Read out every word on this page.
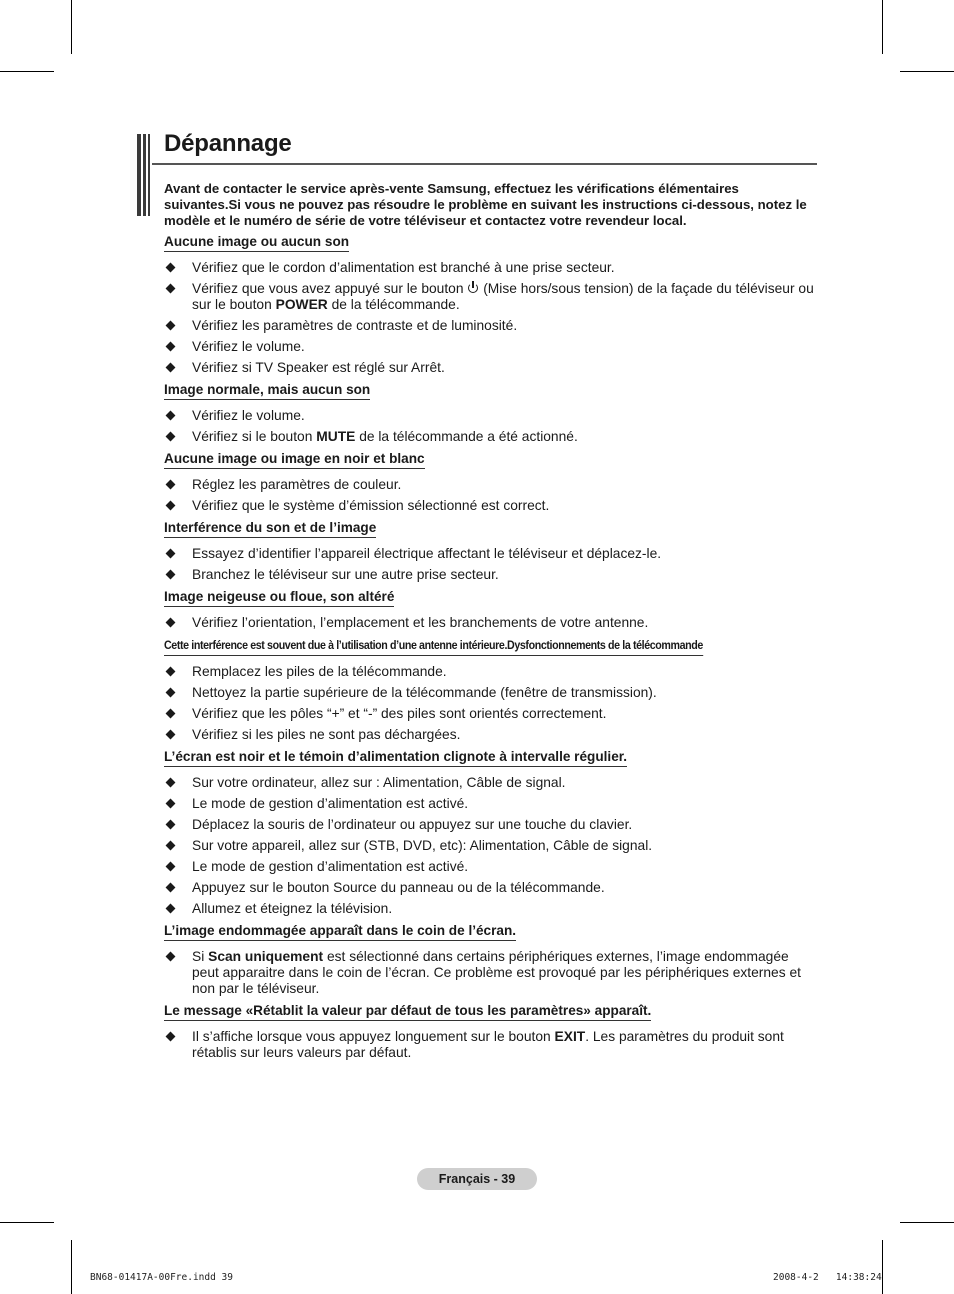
Dépannage

Avant de contacter le service après-vente Samsung, effectuez les vérifications élémentaires suivantes.Si vous ne pouvez pas résoudre le problème en suivant les instructions ci-dessous, notez le modèle et le numéro de série de votre téléviseur et contactez votre revendeur local.

Aucune image ou aucun son
Vérifiez que le cordon d’alimentation est branché à une prise secteur.
Vérifiez que vous avez appuyé sur le bouton (Mise hors/sous tension) de la façade du téléviseur ou sur le bouton POWER de la télécommande.
Vérifiez les paramètres de contraste et de luminosité.
Vérifiez le volume.
Vérifiez si TV Speaker est réglé sur Arrêt.
Image normale, mais aucun son
Vérifiez le volume.
Vérifiez si le bouton MUTE de la télécommande a été actionné.
Aucune image ou image en noir et blanc
Réglez les paramètres de couleur.
Vérifiez que le système d’émission sélectionné est correct.
Interférence du son et de l’image
Essayez d’identifier l’appareil électrique affectant le téléviseur et déplacez-le.
Branchez le téléviseur sur une autre prise secteur.
Image neigeuse ou floue, son altéré
Vérifiez l’orientation, l’emplacement et les branchements de votre antenne.
Cette interférence est souvent due à l’utilisation d’une antenne intérieure.Dysfonctionnements de la télécommande
Remplacez les piles de la télécommande.
Nettoyez la partie supérieure de la télécommande (fenêtre de transmission).
Vérifiez que les pôles “+” et “-” des piles sont orientés correctement.
Vérifiez si les piles ne sont pas déchargées.
L’écran est noir et le témoin d’alimentation clignote à intervalle régulier.
Sur votre ordinateur, allez sur : Alimentation, Câble de signal.
Le mode de gestion d’alimentation est activé.
Déplacez la souris de l’ordinateur ou appuyez sur une touche du clavier.
Sur votre appareil, allez sur (STB, DVD, etc): Alimentation, Câble de signal.
Le mode de gestion d’alimentation est activé.
Appuyez sur le bouton Source du panneau ou de la télécommande.
Allumez et éteignez la télévision.
L’image endommagée apparaît dans le coin de l’écran.
Si Scan uniquement est sélectionné dans certains périphériques externes, l’image endommagée peut apparaitre dans le coin de l’écran. Ce problème est provoqué par les périphériques externes et non par le téléviseur.
Le message «Rétablit la valeur par défaut de tous les paramètres» apparaît.
Il s’affiche lorsque vous appuyez longuement sur le bouton EXIT. Les paramètres du produit sont rétablis sur leurs valeurs par défaut.
Français - 39
BN68-01417A-00Fre.indd 39	2008-4-2   14:38:24
